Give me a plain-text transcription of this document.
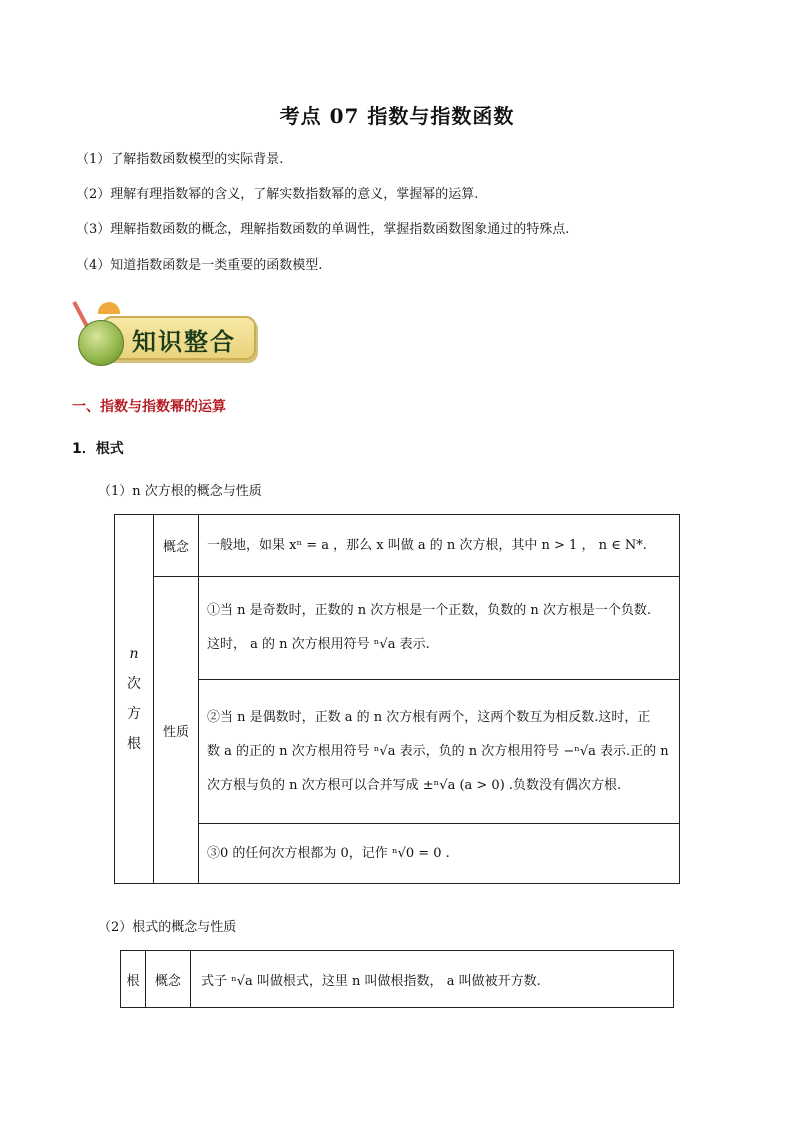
考点 07 指数与指数函数
（1）了解指数函数模型的实际背景.
（2）理解有理指数幂的含义，了解实数指数幂的意义，掌握幂的运算.
（3）理解指数函数的概念，理解指数函数的单调性，掌握指数函数图象通过的特殊点.
（4）知道指数函数是一类重要的函数模型.
知识整合
一、指数与指数幂的运算
1．根式
（1）n 次方根的概念与性质
n
次
方
根	概念	一般地，如果 xⁿ = a ，那么 x 叫做 a 的 n 次方根，其中 n > 1 ， n ∈ N*.
	性质	①当 n 是奇数时，正数的 n 次方根是一个正数，负数的 n 次方根是一个负数.
这时， a 的 n 次方根用符号 ⁿ√a 表示.

		②当 n 是偶数时，正数 a 的 n 次方根有两个，这两个数互为相反数.这时，正
数 a 的正的 n 次方根用符号 ⁿ√a 表示，负的 n 次方根用符号 −ⁿ√a 表示.正的 n
次方根与负的 n 次方根可以合并写成 ±ⁿ√a (a > 0) .负数没有偶次方根.

		③0 的任何次方根都为 0，记作 ⁿ√0 = 0 .
（2）根式的概念与性质
根	概念	式子 ⁿ√a 叫做根式，这里 n 叫做根指数， a 叫做被开方数.
